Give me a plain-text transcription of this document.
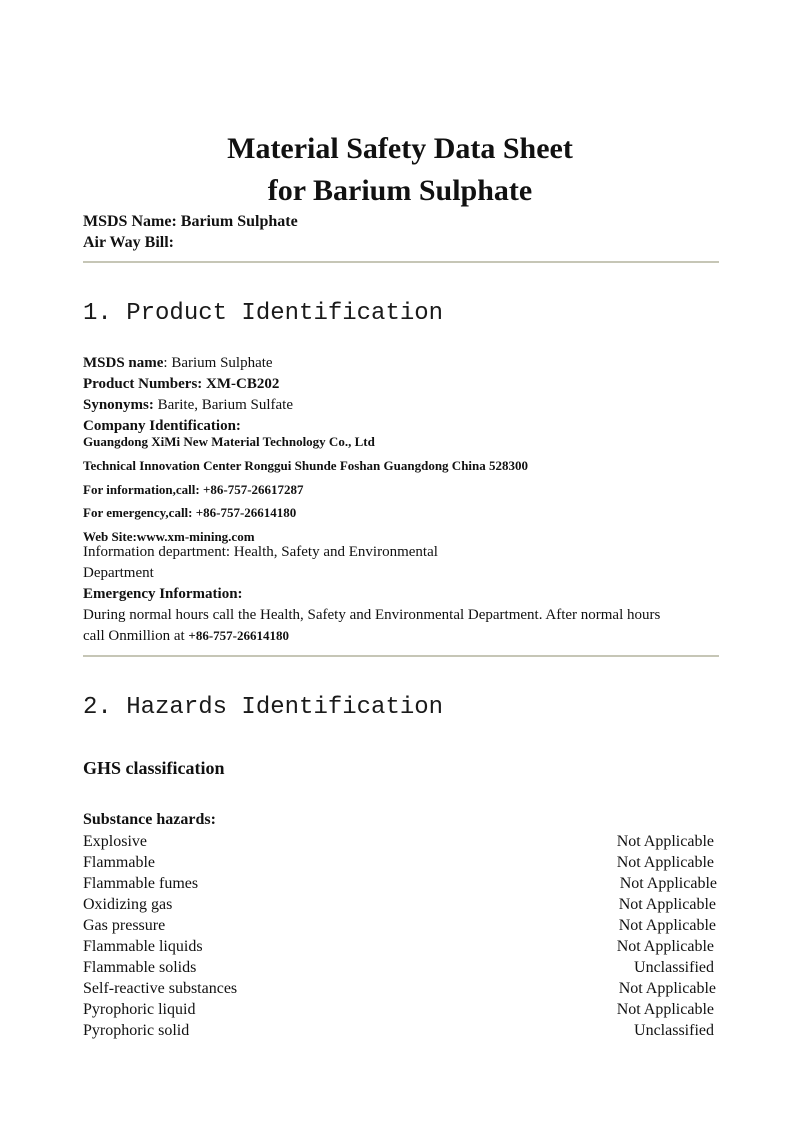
Material Safety Data Sheet
for Barium Sulphate
MSDS Name: Barium Sulphate
Air Way Bill:
1. Product Identification
MSDS name: Barium Sulphate
Product Numbers: XM-CB202
Synonyms: Barite, Barium Sulfate
Company Identification:
Guangdong XiMi New Material Technology Co., Ltd
Technical Innovation Center Ronggui Shunde Foshan Guangdong China 528300
For information,call: +86-757-26617287
For emergency,call: +86-757-26614180
Web Site:www.xm-mining.com
Information department: Health, Safety and Environmental
Department
Emergency Information:
During normal hours call the Health, Safety and Environmental Department. After normal hours
call Onmillion at +86-757-26614180
2. Hazards Identification
GHS classification
Substance hazards:
Explosive	Not Applicable
Flammable	Not Applicable
Flammable fumes	Not Applicable
Oxidizing gas	Not Applicable
Gas pressure	Not Applicable
Flammable liquids	Not Applicable
Flammable solids	Unclassified
Self-reactive substances	Not Applicable
Pyrophoric liquid	Not Applicable
Pyrophoric solid	Unclassified
